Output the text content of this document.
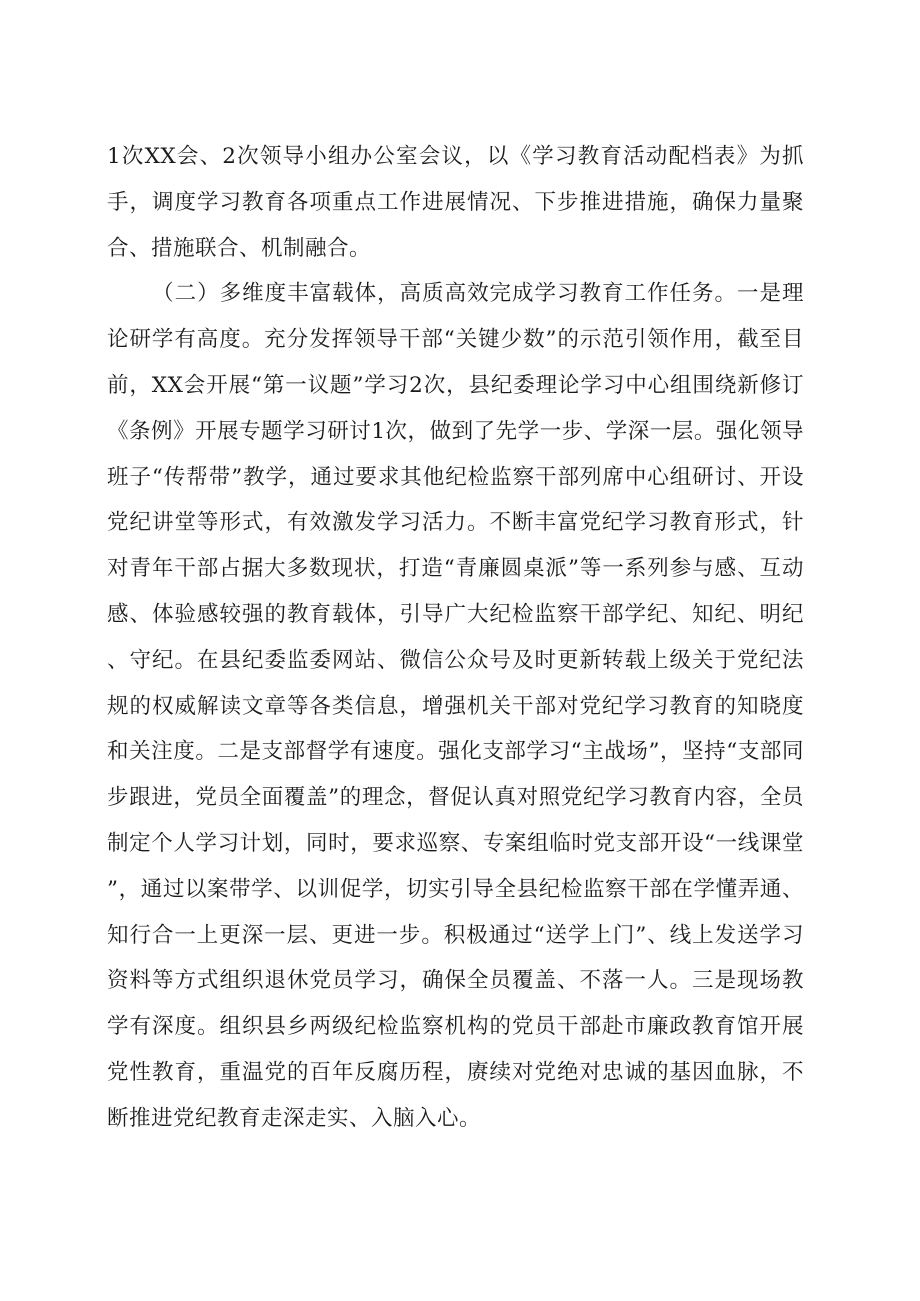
1次XX会、2次领导小组办公室会议，以《学习教育活动配档表》为抓手，调度学习教育各项重点工作进展情况、下步推进措施，确保力量聚合、措施联合、机制融合。

（二）多维度丰富载体，高质高效完成学习教育工作任务。一是理论研学有高度。充分发挥领导干部“关键少数”的示范引领作用，截至目前，XX会开展“第一议题”学习2次，县纪委理论学习中心组围绕新修订《条例》开展专题学习研讨1次，做到了先学一步、学深一层。强化领导班子“传帮带”教学，通过要求其他纪检监察干部列席中心组研讨、开设党纪讲堂等形式，有效激发学习活力。不断丰富党纪学习教育形式，针对青年干部占据大多数现状，打造“青廉圆桌派”等一系列参与感、互动感、体验感较强的教育载体，引导广大纪检监察干部学纪、知纪、明纪、守纪。在县纪委监委网站、微信公众号及时更新转载上级关于党纪法规的权威解读文章等各类信息，增强机关干部对党纪学习教育的知晓度和关注度。二是支部督学有速度。强化支部学习“主战场”，坚持“支部同步跟进，党员全面覆盖”的理念，督促认真对照党纪学习教育内容，全员制定个人学习计划，同时，要求巡察、专案组临时党支部开设“一线课堂”，通过以案带学、以训促学，切实引导全县纪检监察干部在学懂弄通、知行合一上更深一层、更进一步。积极通过“送学上门”、线上发送学习资料等方式组织退休党员学习，确保全员覆盖、不落一人。三是现场教学有深度。组织县乡两级纪检监察机构的党员干部赴市廉政教育馆开展党性教育，重温党的百年反腐历程，赓续对党绝对忠诚的基因血脉，不断推进党纪教育走深走实、入脑入心。
